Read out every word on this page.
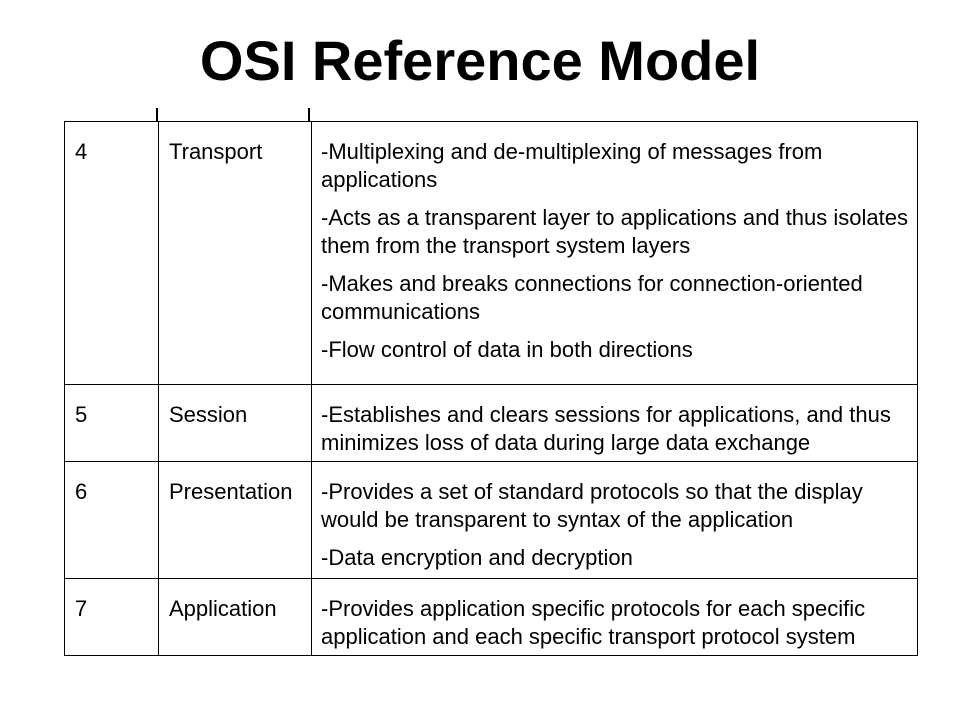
OSI Reference Model
4	Transport	-Multiplexing and de-multiplexing of messages from applications
-Acts as a transparent layer to applications and thus isolates them from the transport system layers
-Makes and breaks connections for connection-oriented communications
-Flow control of data in both directions

5	Session	-Establishes and clears sessions for applications, and thus minimizes loss of data during large data exchange

6	Presentation	-Provides a set of standard protocols so that the display would be transparent to syntax of the application
-Data encryption and decryption

7	Application	-Provides application specific protocols for each specific application and each specific transport protocol system
